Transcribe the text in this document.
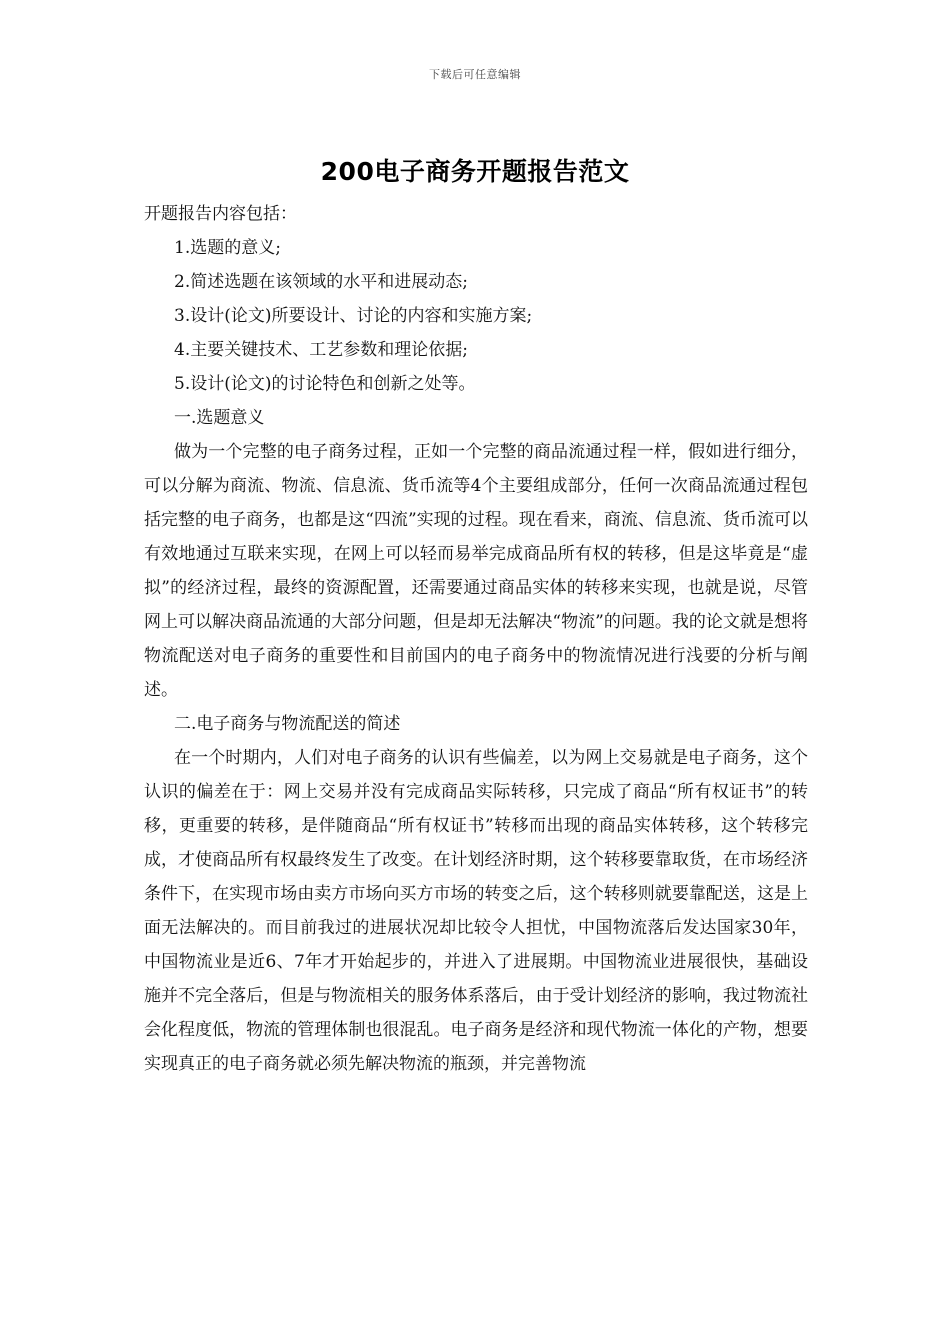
下载后可任意编辑
200电子商务开题报告范文

开题报告内容包括：

1.选题的意义;

2.简述选题在该领域的水平和进展动态;

3.设计(论文)所要设计、讨论的内容和实施方案;

4.主要关键技术、工艺参数和理论依据;

5.设计(论文)的讨论特色和创新之处等。

一.选题意义

做为一个完整的电子商务过程，正如一个完整的商品流通过程一样，假如进行细分，可以分解为商流、物流、信息流、货币流等4个主要组成部分，任何一次商品流通过程包括完整的电子商务，也都是这“四流”实现的过程。现在看来，商流、信息流、货币流可以有效地通过互联来实现，在网上可以轻而易举完成商品所有权的转移，但是这毕竟是“虚拟”的经济过程，最终的资源配置，还需要通过商品实体的转移来实现，也就是说，尽管网上可以解决商品流通的大部分问题，但是却无法解决“物流”的问题。我的论文就是想将物流配送对电子商务的重要性和目前国内的电子商务中的物流情况进行浅要的分析与阐述。

二.电子商务与物流配送的简述

在一个时期内，人们对电子商务的认识有些偏差，以为网上交易就是电子商务，这个认识的偏差在于：网上交易并没有完成商品实际转移，只完成了商品“所有权证书”的转移，更重要的转移，是伴随商品“所有权证书”转移而出现的商品实体转移，这个转移完成，才使商品所有权最终发生了改变。在计划经济时期，这个转移要靠取货，在市场经济条件下，在实现市场由卖方市场向买方市场的转变之后，这个转移则就要靠配送，这是上面无法解决的。而目前我过的进展状况却比较令人担忧，中国物流落后发达国家30年，中国物流业是近6、7年才开始起步的，并进入了进展期。中国物流业进展很快，基础设施并不完全落后，但是与物流相关的服务体系落后，由于受计划经济的影响，我过物流社会化程度低，物流的管理体制也很混乱。电子商务是经济和现代物流一体化的产物，想要实现真正的电子商务就必须先解决物流的瓶颈，并完善物流
